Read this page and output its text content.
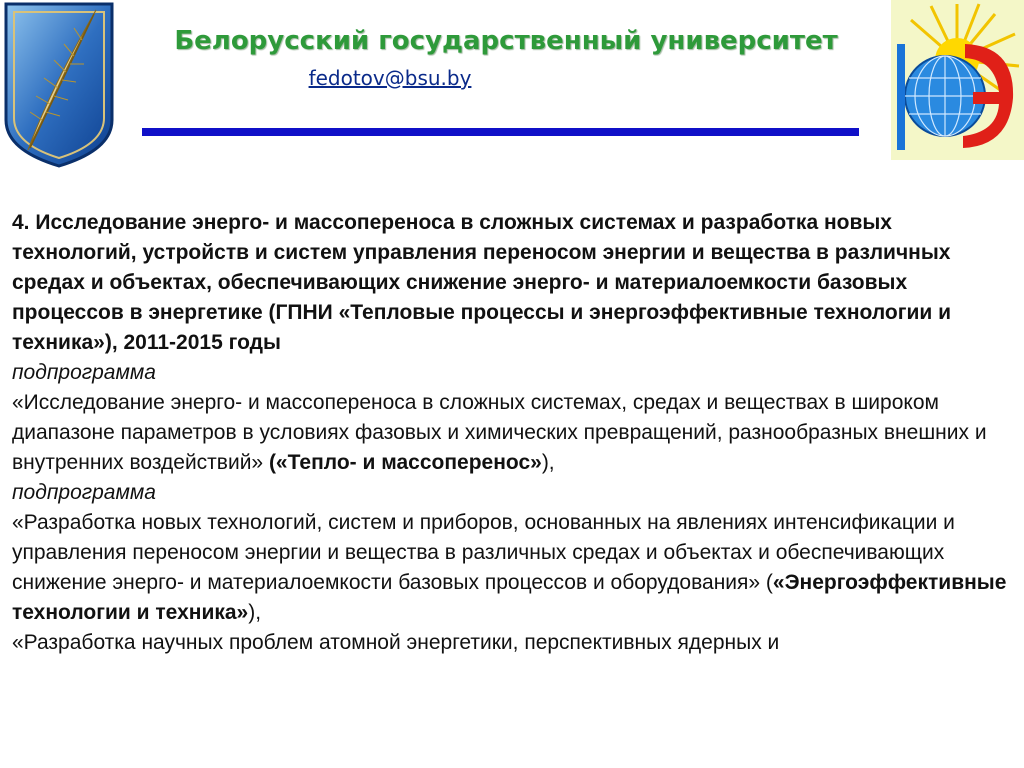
Белорусский государственный университет
fedotov@bsu.by

4. Исследование энерго- и массопереноса в сложных системах и разработка новых технологий, устройств и систем управления переносом энергии и вещества в различных средах и объектах, обеспечивающих снижение энерго- и материалоемкости базовых процессов в энергетике (ГПНИ «Тепловые процессы и энергоэффективные технологии и техника»), 2011-2015 годы

подпрограмма

«Исследование энерго- и массопереноса в сложных системах, средах и веществах в широком диапазоне параметров в условиях фазовых и химических превращений, разнообразных внешних и внутренних воздействий» («Тепло- и массоперенос»),

подпрограмма

«Разработка новых технологий, систем и приборов, основанных на явлениях интенсификации и управления переносом энергии и вещества в различных средах и объектах и обеспечивающих снижение энерго- и материалоемкости базовых процессов и оборудования» («Энергоэффективные технологии и техника»),

«Разработка научных проблем атомной энергетики, перспективных ядерных и
